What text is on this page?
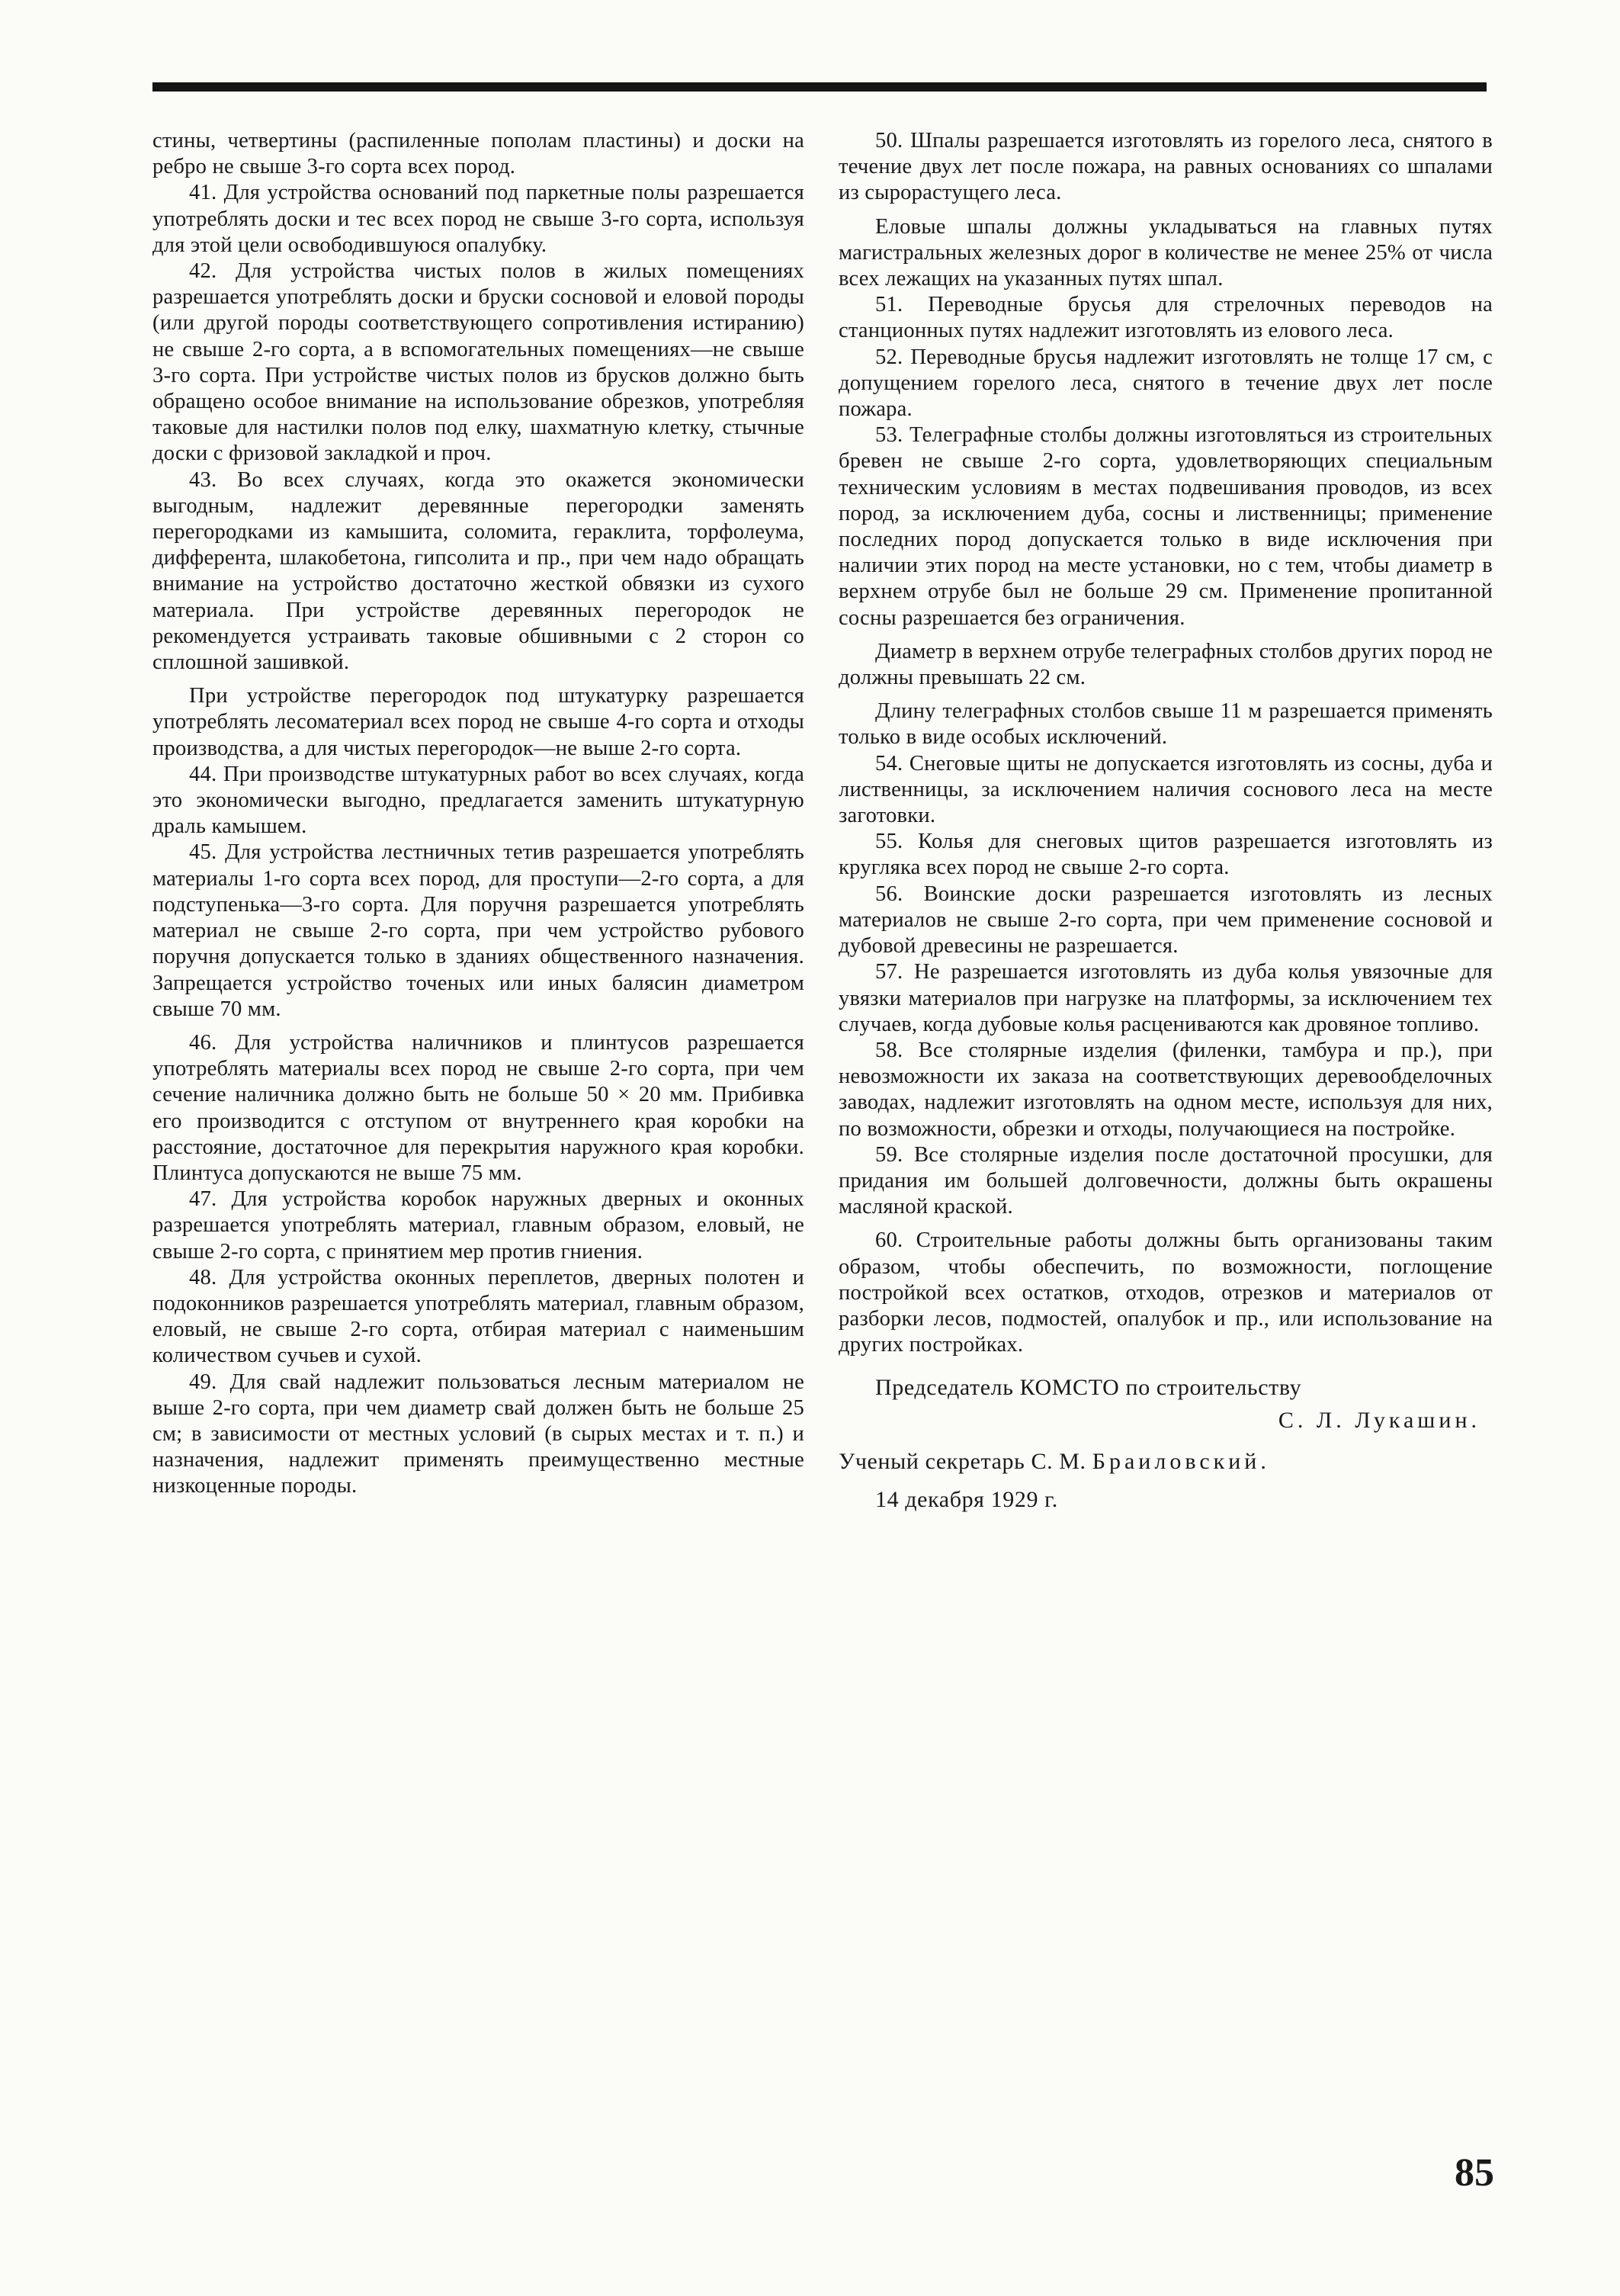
стины, четвертины (распиленные пополам пластины) и доски на ребро не свыше 3-го сорта всех пород.

41. Для устройства оснований под паркетные полы разрешается употреблять доски и тес всех пород не свыше 3-го сорта, используя для этой цели освободившуюся опалубку.

42. Для устройства чистых полов в жилых помещениях разрешается употреблять доски и бруски сосновой и еловой породы (или другой породы соответствующего сопротивления истиранию) не свыше 2-го сорта, а в вспомогательных помещениях—не свыше 3-го сорта. При устройстве чистых полов из брусков должно быть обращено особое внимание на использование обрезков, употребляя таковые для настилки полов под елку, шахматную клетку, стычные доски с фризовой закладкой и проч.

43. Во всех случаях, когда это окажется экономически выгодным, надлежит деревянные перегородки заменять перегородками из камышита, соломита, гераклита, торфолеума, дифферента, шлакобетона, гипсолита и пр., при чем надо обращать внимание на устройство достаточно жесткой обвязки из сухого материала. При устройстве деревянных перегородок не рекомендуется устраивать таковые обшивными с 2 сторон со сплошной зашивкой.

При устройстве перегородок под штукатурку разрешается употреблять лесоматериал всех пород не свыше 4-го сорта и отходы производства, а для чистых перегородок—не выше 2-го сорта.

44. При производстве штукатурных работ во всех случаях, когда это экономически выгодно, предлагается заменить штукатурную драль камышем.

45. Для устройства лестничных тетив разрешается употреблять материалы 1-го сорта всех пород, для проступи—2-го сорта, а для подступенька—3-го сорта. Для поручня разрешается употреблять материал не свыше 2-го сорта, при чем устройство рубового поручня допускается только в зданиях общественного назначения. Запрещается устройство точеных или иных балясин диаметром свыше 70 мм.

46. Для устройства наличников и плинтусов разрешается употреблять материалы всех пород не свыше 2-го сорта, при чем сечение наличника должно быть не больше 50 × 20 мм. Прибивка его производится с отступом от внутреннего края коробки на расстояние, достаточное для перекрытия наружного края коробки. Плинтуса допускаются не выше 75 мм.

47. Для устройства коробок наружных дверных и оконных разрешается употреблять материал, главным образом, еловый, не свыше 2-го сорта, с принятием мер против гниения.

48. Для устройства оконных переплетов, дверных полотен и подоконников разрешается употреблять материал, главным образом, еловый, не свыше 2-го сорта, отбирая материал с наименьшим количеством сучьев и сухой.

49. Для свай надлежит пользоваться лесным материалом не выше 2-го сорта, при чем диаметр свай должен быть не больше 25 см; в зависимости от местных условий (в сырых местах и т. п.) и назначения, надлежит применять преимущественно местные низкоценные породы.

50. Шпалы разрешается изготовлять из горелого леса, снятого в течение двух лет после пожара, на равных основаниях со шпалами из сырорастущего леса.

Еловые шпалы должны укладываться на главных путях магистральных железных дорог в количестве не менее 25% от числа всех лежащих на указанных путях шпал.

51. Переводные брусья для стрелочных переводов на станционных путях надлежит изготовлять из елового леса.

52. Переводные брусья надлежит изготовлять не толще 17 см, с допущением горелого леса, снятого в течение двух лет после пожара.

53. Телеграфные столбы должны изготовляться из строительных бревен не свыше 2-го сорта, удовлетворяющих специальным техническим условиям в местах подвешивания проводов, из всех пород, за исключением дуба, сосны и лиственницы; применение последних пород допускается только в виде исключения при наличии этих пород на месте установки, но с тем, чтобы диаметр в верхнем отрубе был не больше 29 см. Применение пропитанной сосны разрешается без ограничения.

Диаметр в верхнем отрубе телеграфных столбов других пород не должны превышать 22 см.

Длину телеграфных столбов свыше 11 м разрешается применять только в виде особых исключений.

54. Снеговые щиты не допускается изготовлять из сосны, дуба и лиственницы, за исключением наличия соснового леса на месте заготовки.

55. Колья для снеговых щитов разрешается изготовлять из кругляка всех пород не свыше 2-го сорта.

56. Воинские доски разрешается изготовлять из лесных материалов не свыше 2-го сорта, при чем применение сосновой и дубовой древесины не разрешается.

57. Не разрешается изготовлять из дуба колья увязочные для увязки материалов при нагрузке на платформы, за исключением тех случаев, когда дубовые колья расцениваются как дровяное топливо.

58. Все столярные изделия (филенки, тамбура и пр.), при невозможности их заказа на соответствующих деревообделочных заводах, надлежит изготовлять на одном месте, используя для них, по возможности, обрезки и отходы, получающиеся на постройке.

59. Все столярные изделия после достаточной просушки, для придания им большей долговечности, должны быть окрашены масляной краской.

60. Строительные работы должны быть организованы таким образом, чтобы обеспечить, по возможности, поглощение постройкой всех остатков, отходов, отрезков и материалов от разборки лесов, подмостей, опалубок и пр., или использование на других постройках.

Председатель КОМСТО по строительству
С. Л. Лукашин.
Ученый секретарь С. М. Браиловский.
14 декабря 1929 г.
85
